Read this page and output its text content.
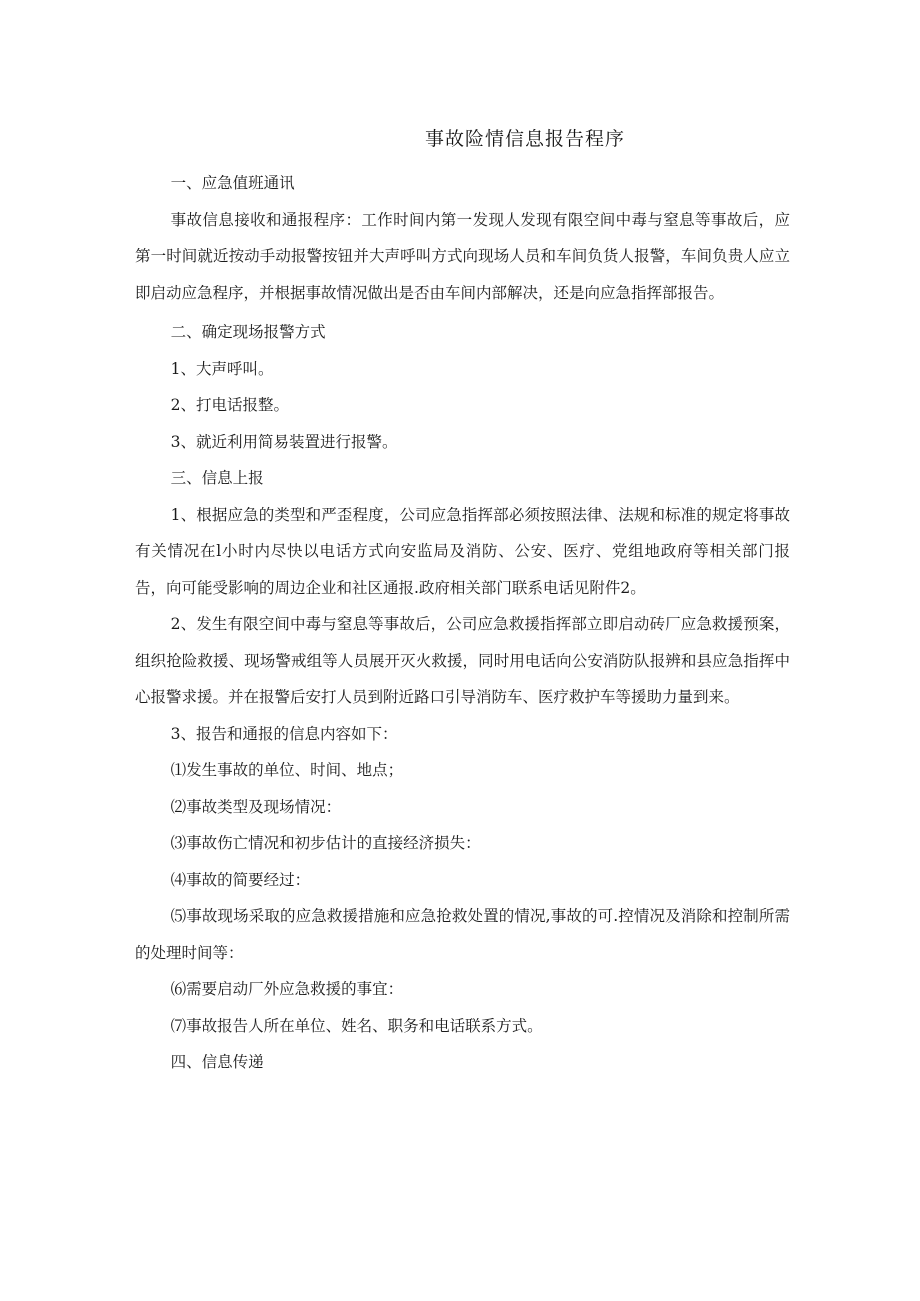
事故险情信息报告程序

一、应急值班通讯

事故信息接收和通报程序：工作时间内第一发现人发现有限空间中毒与窒息等事故后，应第一时间就近按动手动报警按钮并大声呼叫方式向现场人员和车间负货人报警，车间负贵人应立即启动应急程序，并根据事故情况做出是否由车间内部解决，还是向应急指挥部报告。

二、确定现场报警方式

1、大声呼叫。

2、打电话报整。

3、就近利用简易装置进行报警。

三、信息上报

1、根据应急的类型和严歪程度，公司应急指挥部必须按照法律、法规和标准的规定将事故有关情况在l小时内尽快以电话方式向安监局及消防、公安、医疗、党组地政府等相关部门报告，向可能受影响的周边企业和社区通报.政府相关部门联系电话见附件2。

2、发生有限空间中毒与窒息等事故后，公司应急救援指挥部立即启动砖厂应急救援预案，组织抢险救援、现场警戒组等人员展开灭火救援，同时用电话向公安消防队报辨和县应急指挥中心报警求援。并在报警后安打人员到附近路口引导消防车、医疗救护车等援助力量到来。

3、报告和通报的信息内容如下：

⑴发生事故的单位、时间、地点；

⑵事故类型及现场情况：

⑶事故伤亡情况和初步估计的直接经济损失：

⑷事故的简要经过：

⑸事故现场采取的应急救援措施和应急抢救处置的情况,事故的可.控情况及消除和控制所需的处理时间等：

⑹需要启动厂外应急救援的事宜：

⑺事故报告人所在单位、姓名、职务和电话联系方式。

四、信息传递
